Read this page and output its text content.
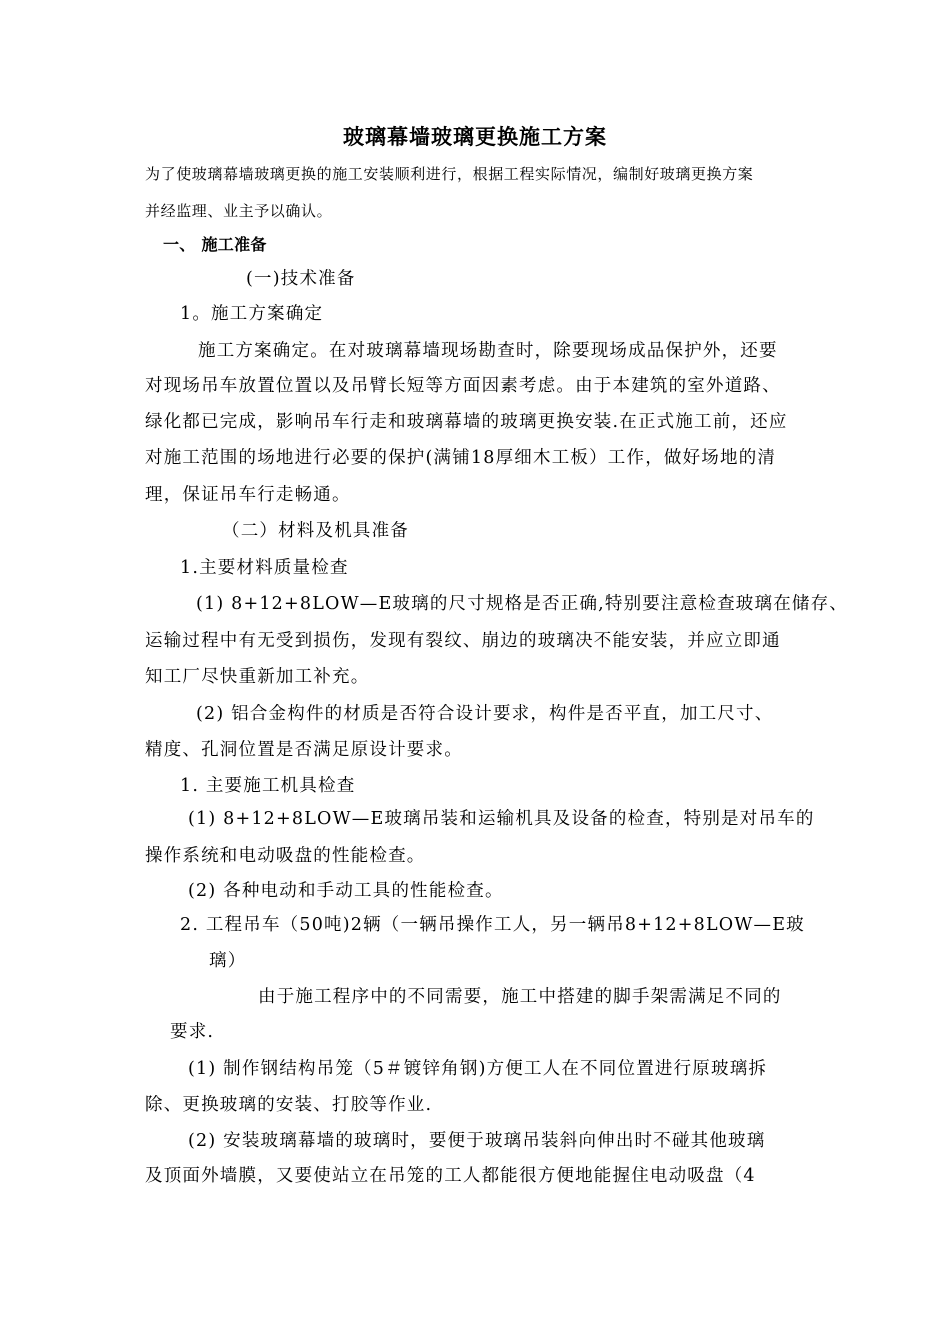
玻璃幕墙玻璃更换施工方案
为了使玻璃幕墙玻璃更换的施工安装顺利进行，根据工程实际情况，编制好玻璃更换方案
并经监理、业主予以确认。
一、 施工准备
(一)技术准备
1。施工方案确定
施工方案确定。在对玻璃幕墙现场勘查时，除要现场成品保护外，还要
对现场吊车放置位置以及吊臂长短等方面因素考虑。由于本建筑的室外道路、
绿化都已完成，影响吊车行走和玻璃幕墙的玻璃更换安装.在正式施工前，还应
对施工范围的场地进行必要的保护(满铺18厚细木工板）工作，做好场地的清
理，保证吊车行走畅通。
（二）材料及机具准备
1.主要材料质量检查
(1) 8+12+8LOW—E玻璃的尺寸规格是否正确,特别要注意检查玻璃在储存、
运输过程中有无受到损伤，发现有裂纹、崩边的玻璃决不能安装，并应立即通
知工厂尽快重新加工补充。
(2) 铝合金构件的材质是否符合设计要求，构件是否平直，加工尺寸、
精度、孔洞位置是否满足原设计要求。
1. 主要施工机具检查
(1) 8+12+8LOW—E玻璃吊装和运输机具及设备的检查，特别是对吊车的
操作系统和电动吸盘的性能检查。
(2) 各种电动和手动工具的性能检查。
2. 工程吊车（50吨)2辆（一辆吊操作工人，另一辆吊8+12+8LOW—E玻
璃）
由于施工程序中的不同需要，施工中搭建的脚手架需满足不同的
要求.
(1) 制作钢结构吊笼（5＃镀锌角钢)方便工人在不同位置进行原玻璃拆
除、更换玻璃的安装、打胶等作业.
(2) 安装玻璃幕墙的玻璃时，要便于玻璃吊装斜向伸出时不碰其他玻璃
及顶面外墙膜，又要使站立在吊笼的工人都能很方便地能握住电动吸盘（4
